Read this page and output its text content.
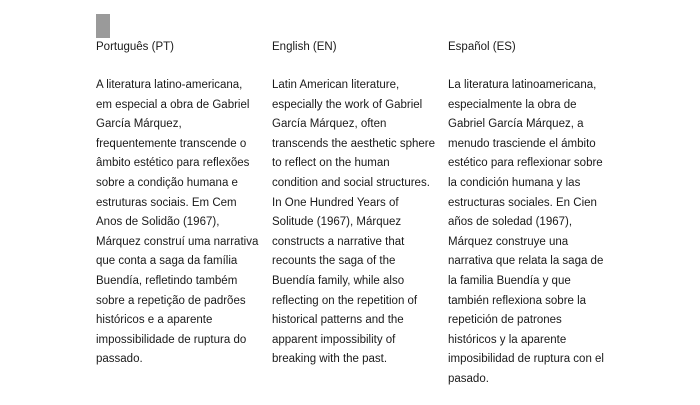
Português (PT)

A literatura latino-americana, em especial a obra de Gabriel García Márquez, frequentemente transcende o âmbito estético para reflexões sobre a condição humana e estruturas sociais. Em Cem Anos de Solidão (1967), Márquez construí uma narrativa que conta a saga da família Buendía, refletindo também sobre a repetição de padrões históricos e a aparente impossibilidade de ruptura do passado.

English (EN)

Latin American literature, especially the work of Gabriel García Márquez, often transcends the aesthetic sphere to reflect on the human condition and social structures. In One Hundred Years of Solitude (1967), Márquez constructs a narrative that recounts the saga of the Buendía family, while also reflecting on the repetition of historical patterns and the apparent impossibility of breaking with the past.

Español (ES)

La literatura latinoamericana, especialmente la obra de Gabriel García Márquez, a menudo trasciende el ámbito estético para reflexionar sobre la condición humana y las estructuras sociales. En Cien años de soledad (1967), Márquez construye una narrativa que relata la saga de la familia Buendía y que también reflexiona sobre la repetición de patrones históricos y la aparente imposibilidad de ruptura con el pasado.
